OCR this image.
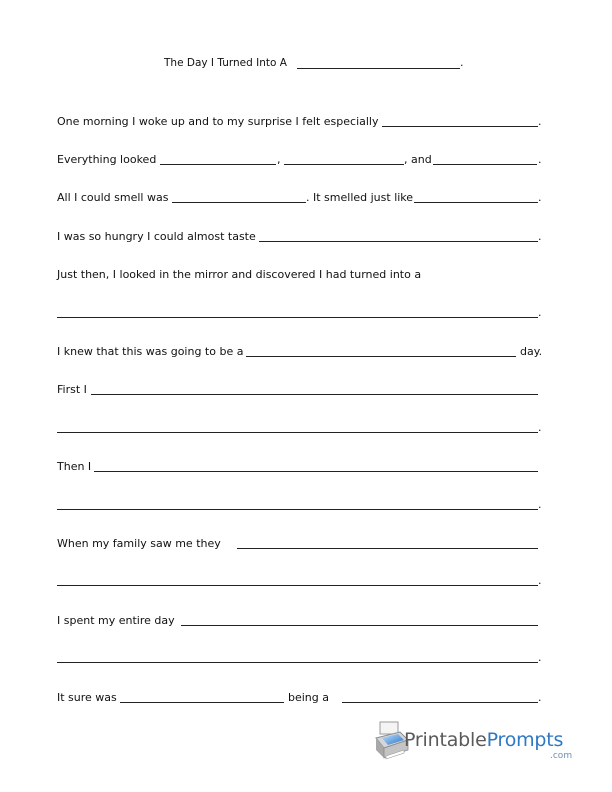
The Day I Turned Into A	.
One morning I woke up and to my surprise I felt especially	.
Everything looked	,	, and	.
All I could smell was	. It smelled just like	.
I was so hungry I could almost taste	.
Just then, I looked in the mirror and discovered I had turned into a
.
I knew that this was going to be a	day.
First I
.
Then I
.
When my family saw me they
.
I spent my entire day
.
It sure was	being a	.
PrintablePrompts
.com
